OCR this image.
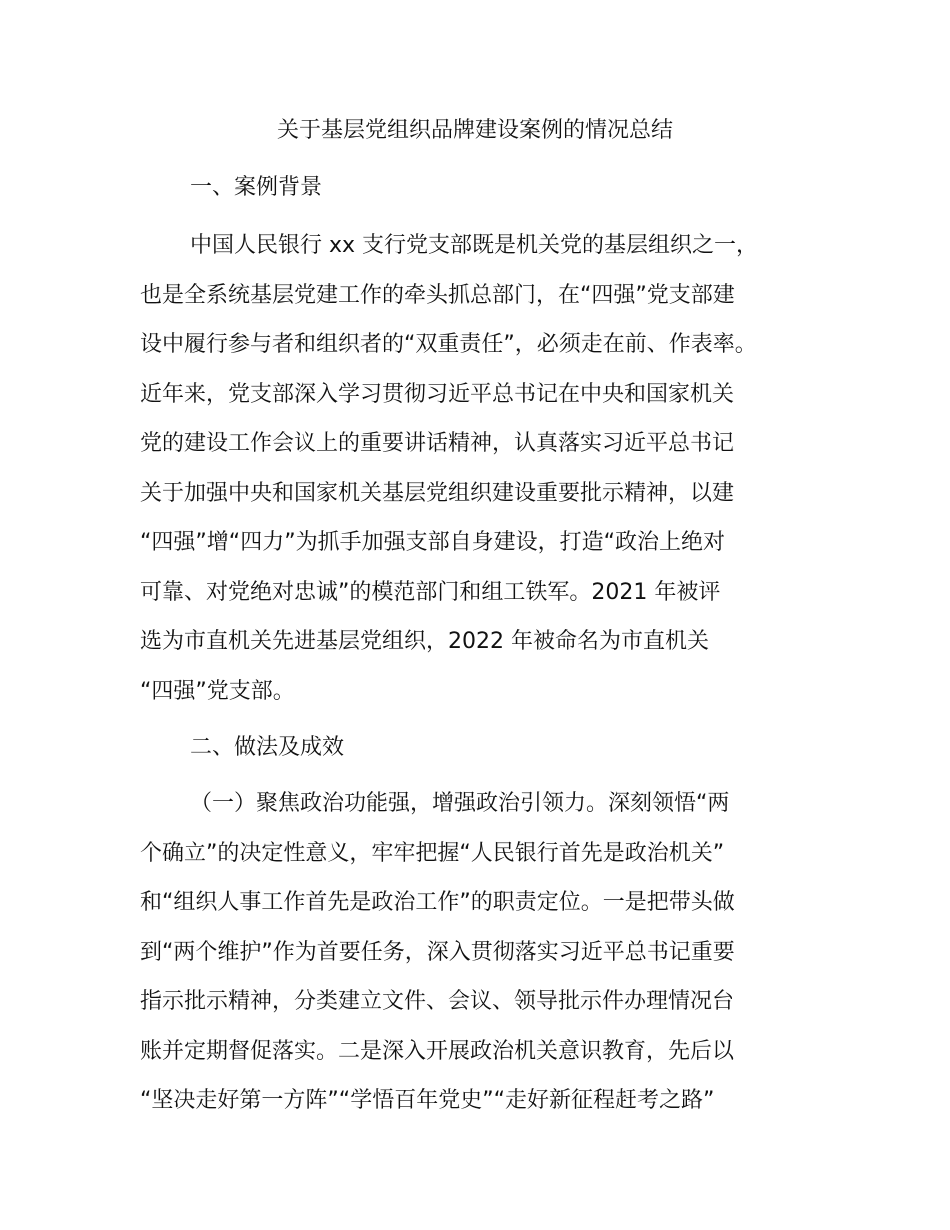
关于基层党组织品牌建设案例的情况总结
一、案例背景
中国人民银行 xx 支行党支部既是机关党的基层组织之一，
也是全系统基层党建工作的牵头抓总部门，在“四强”党支部建
设中履行参与者和组织者的“双重责任”，必须走在前、作表率。
近年来，党支部深入学习贯彻习近平总书记在中央和国家机关
党的建设工作会议上的重要讲话精神，认真落实习近平总书记
关于加强中央和国家机关基层党组织建设重要批示精神，以建
“四强”增“四力”为抓手加强支部自身建设，打造“政治上绝对
可靠、对党绝对忠诚”的模范部门和组工铁军。2021 年被评
选为市直机关先进基层党组织，2022 年被命名为市直机关
“四强”党支部。
二、做法及成效
（一）聚焦政治功能强，增强政治引领力。深刻领悟“两
个确立”的决定性意义，牢牢把握“人民银行首先是政治机关”
和“组织人事工作首先是政治工作”的职责定位。一是把带头做
到“两个维护”作为首要任务，深入贯彻落实习近平总书记重要
指示批示精神，分类建立文件、会议、领导批示件办理情况台
账并定期督促落实。二是深入开展政治机关意识教育，先后以
“坚决走好第一方阵”“学悟百年党史”“走好新征程赶考之路”
